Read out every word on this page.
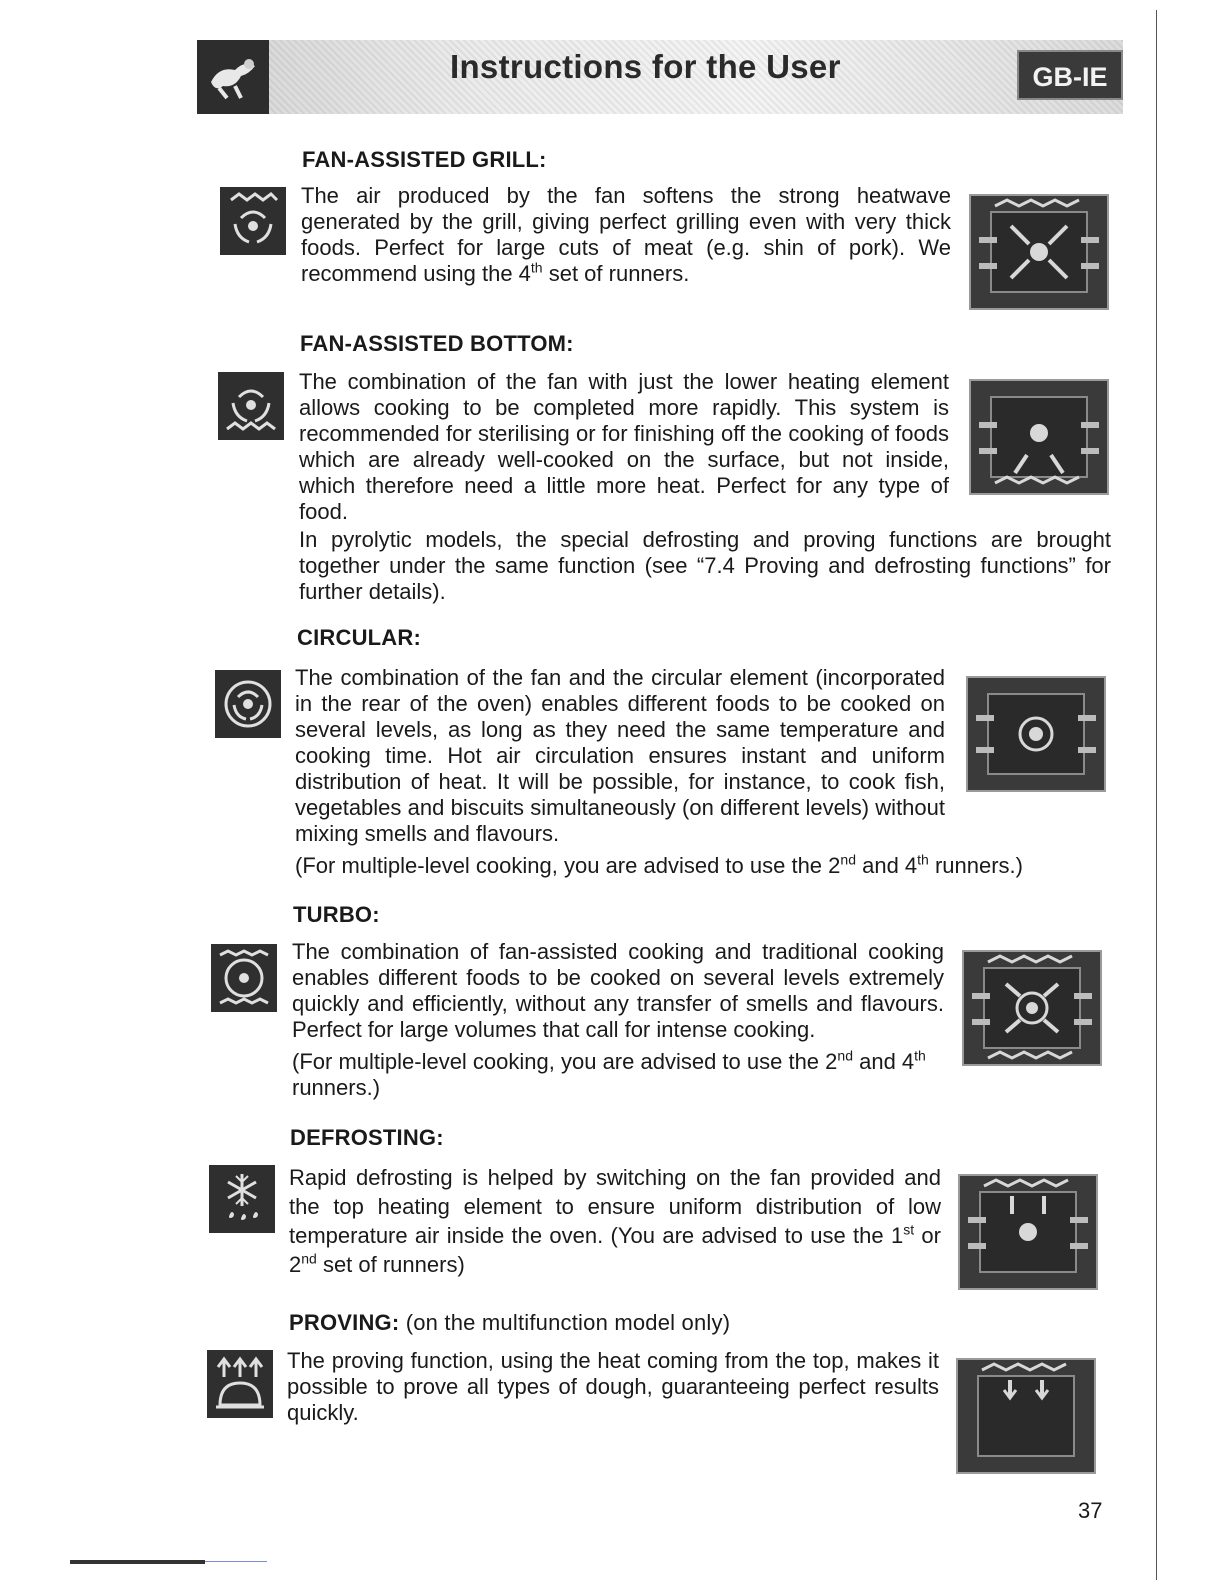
Instructions for the User	GB-IE
FAN-ASSISTED GRILL:
The air produced by the fan softens the strong heatwave generated by the grill, giving perfect grilling even with very thick foods. Perfect for large cuts of meat (e.g. shin of pork). We recommend using the 4th set of runners.
FAN-ASSISTED BOTTOM:
The combination of the fan with just the lower heating element allows cooking to be completed more rapidly. This system is recommended for sterilising or for finishing off the cooking of foods which are already well-cooked on the surface, but not inside, which therefore need a little more heat. Perfect for any type of food.
In pyrolytic models, the special defrosting and proving functions are brought together under the same function (see “7.4 Proving and defrosting functions” for further details).
CIRCULAR:
The combination of the fan and the circular element (incorporated in the rear of the oven) enables different foods to be cooked on several levels, as long as they need the same temperature and cooking time. Hot air circulation ensures instant and uniform distribution of heat. It will be possible, for instance, to cook fish, vegetables and biscuits simultaneously (on different levels) without mixing smells and flavours.
(For multiple-level cooking, you are advised to use the 2nd and 4th runners.)
TURBO:
The combination of fan-assisted cooking and traditional cooking enables different foods to be cooked on several levels extremely quickly and efficiently, without any transfer of smells and flavours. Perfect for large volumes that call for intense cooking.
(For multiple-level cooking, you are advised to use the 2nd and 4th runners.)
DEFROSTING:
Rapid defrosting is helped by switching on the fan provided and the top heating element to ensure uniform distribution of low temperature air inside the oven. (You are advised to use the 1st or 2nd set of runners)
PROVING: (on the multifunction model only)
The proving function, using the heat coming from the top, makes it possible to prove all types of dough, guaranteeing perfect results quickly.
37
